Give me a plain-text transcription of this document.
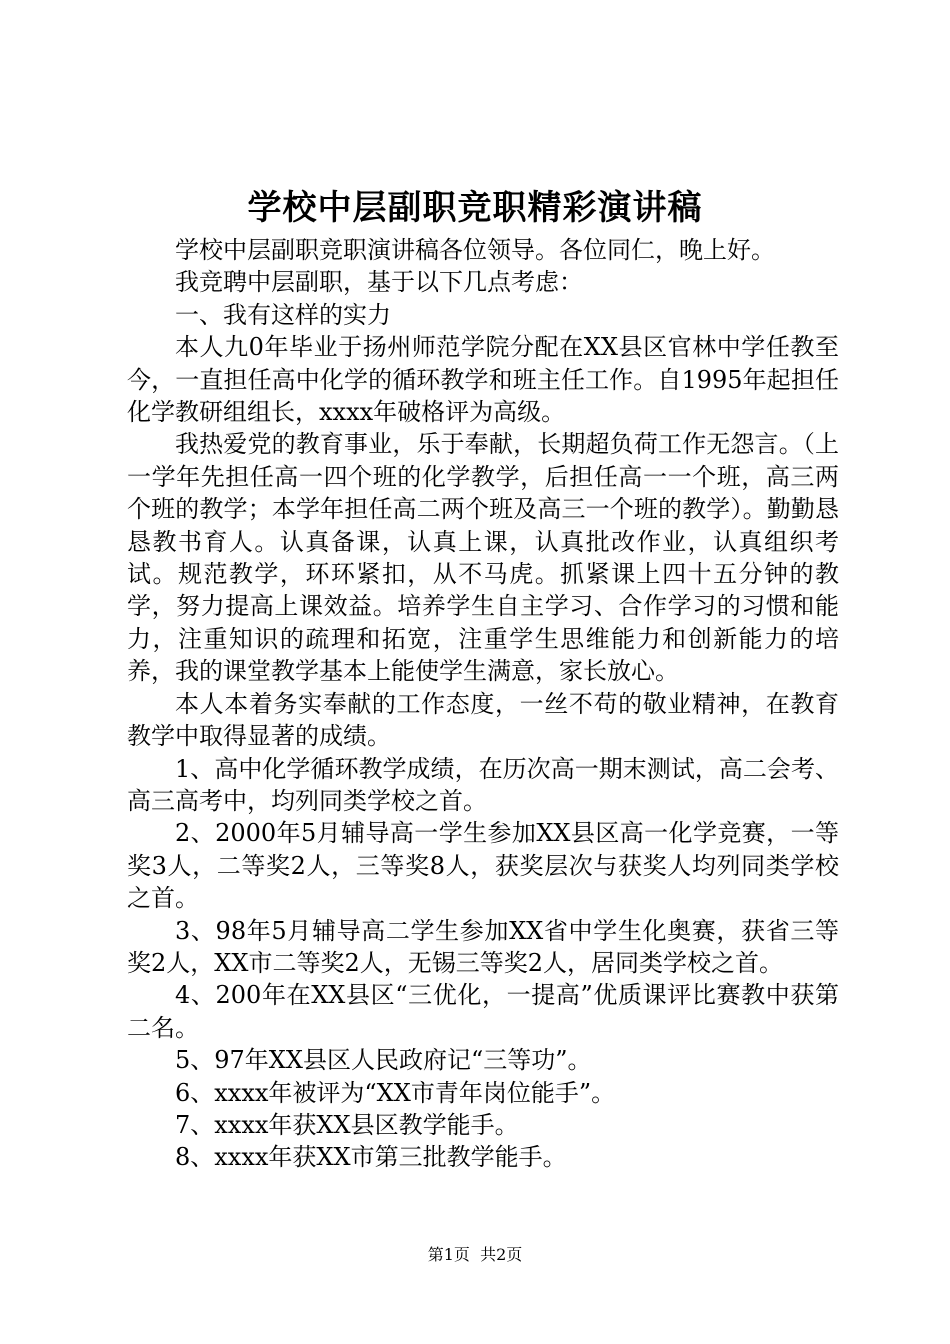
学校中层副职竞职精彩演讲稿

学校中层副职竞职演讲稿各位领导。各位同仁，晚上好。

我竞聘中层副职，基于以下几点考虑：

一、我有这样的实力

本人九0年毕业于扬州师范学院分配在XX县区官林中学任教至今，一直担任高中化学的循环教学和班主任工作。自1995年起担任化学教研组组长，xxxx年破格评为高级。

我热爱党的教育事业，乐于奉献，长期超负荷工作无怨言。（上一学年先担任高一四个班的化学教学，后担任高一一个班，高三两个班的教学；本学年担任高二两个班及高三一个班的教学）。勤勤恳恳教书育人。认真备课，认真上课，认真批改作业，认真组织考试。规范教学，环环紧扣，从不马虎。抓紧课上四十五分钟的教学，努力提高上课效益。培养学生自主学习、合作学习的习惯和能力，注重知识的疏理和拓宽，注重学生思维能力和创新能力的培养，我的课堂教学基本上能使学生满意，家长放心。

本人本着务实奉献的工作态度，一丝不苟的敬业精神，在教育教学中取得显著的成绩。

1、高中化学循环教学成绩，在历次高一期末测试，高二会考、高三高考中，均列同类学校之首。

2、2000年5月辅导高一学生参加XX县区高一化学竞赛，一等奖3人，二等奖2人，三等奖8人，获奖层次与获奖人均列同类学校之首。

3、98年5月辅导高二学生参加XX省中学生化奥赛，获省三等奖2人，XX市二等奖2人，无锡三等奖2人，居同类学校之首。

4、200年在XX县区“三优化，一提高”优质课评比赛教中获第二名。

5、97年XX县区人民政府记“三等功”。

6、xxxx年被评为“XX市青年岗位能手”。

7、xxxx年获XX县区教学能手。

8、xxxx年获XX市第三批教学能手。

第1页  共2页
